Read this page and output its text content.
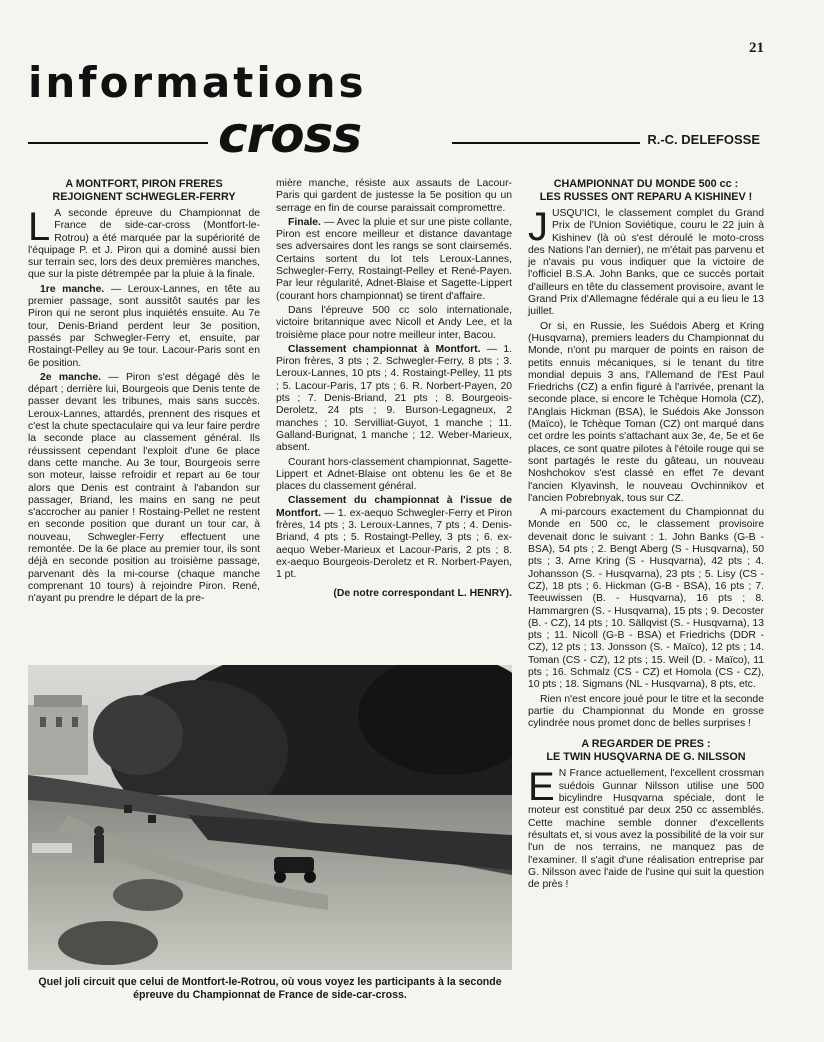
21
informations
cross	R.-C. DELEFOSSE
A MONTFORT, PIRON FRERES
REJOIGNENT SCHWEGLER-FERRY

L A seconde épreuve du Championnat de France de side-car-cross (Montfort-le-Rotrou) a été marquée par la supériorité de l'équipage P. et J. Piron qui a dominé aussi bien sur terrain sec, lors des deux premières manches, que sur la piste détrempée par la pluie à la finale.

1re manche. — Leroux-Lannes, en tête au premier passage, sont aussitôt sautés par les Piron qui ne seront plus inquiétés ensuite. Au 7e tour, Denis-Briand perdent leur 3e position, passés par Schwegler-Ferry et, ensuite, par Rostaingt-Pelley au 9e tour. Lacour-Paris sont en 6e position.

2e manche. — Piron s'est dégagé dès le départ ; derrière lui, Bourgeois que Denis tente de passer devant les tribunes, mais sans succès. Leroux-Lannes, attardés, prennent des risques et c'est la chute spectaculaire qui va leur faire perdre la seconde place au classement général. Ils réussissent cependant l'exploit d'une 6e place dans cette manche. Au 3e tour, Bourgeois serre son moteur, laisse refroidir et repart au 6e tour alors que Denis est contraint à l'abandon sur passager, Briand, les mains en sang ne peut s'accrocher au panier ! Rostaing-Pellet ne restent en seconde position que durant un tour car, à nouveau, Schwegler-Ferry effectuent une remontée. De la 6e place au premier tour, ils sont déjà en seconde position au troisième passage, parvenant dès la mi-course (chaque manche comprenant 10 tours) à rejoindre Piron. René, n'ayant pu prendre le départ de la pre-

mière manche, résiste aux assauts de Lacour-Paris qui gardent de justesse la 5e position qu un serrage en fin de course paraissait compromettre.

Finale. — Avec la pluie et sur une piste collante, Piron est encore meilleur et distance davantage ses adversaires dont les rangs se sont clairsemés. Certains sortent du lot tels Leroux-Lannes, Schwegler-Ferry, Rostaingt-Pelley et René-Payen. Par leur régularité, Adnet-Blaise et Sagette-Lippert (courant hors championnat) se tirent d'affaire.

Dans l'épreuve 500 cc solo internationale, victoire britannique avec Nicoll et Andy Lee, et la troisième place pour notre meilleur inter, Bacou.

Classement championnat à Montfort. — 1. Piron frères, 3 pts ; 2. Schwegler-Ferry, 8 pts ; 3. Leroux-Lannes, 10 pts ; 4. Rostaingt-Pelley, 11 pts ; 5. Lacour-Paris, 17 pts ; 6. R. Norbert-Payen, 20 pts ; 7. Denis-Briand, 21 pts ; 8. Bourgeois-Deroletz, 24 pts ; 9. Burson-Legagneux, 2 manches ; 10. Servilliat-Guyot, 1 manche ; 11. Galland-Burignat, 1 manche ; 12. Weber-Marieux, absent.

Courant hors-classement championnat, Sagette-Lippert et Adnet-Blaise ont obtenu les 6e et 8e places du classement général.

Classement du championnat à l'issue de Montfort. — 1. ex-aequo Schwegler-Ferry et Piron frères, 14 pts ; 3. Leroux-Lannes, 7 pts ; 4. Denis-Briand, 4 pts ; 5. Rostaingt-Pelley, 3 pts ; 6. ex-aequo Weber-Marieux et Lacour-Paris, 2 pts ; 8. ex-aequo Bourgeois-Deroletz et R. Norbert-Payen, 1 pt.

(De notre correspondant L. HENRY).
CHAMPIONNAT DU MONDE 500 cc :
LES RUSSES ONT REPARU A KISHINEV !

JUSQU'ICI, le classement complet du Grand Prix de l'Union Soviétique, couru le 22 juin à Kishinev (là où s'est déroulé le moto-cross des Nations l'an dernier), ne m'était pas parvenu et je n'avais pu vous indiquer que la victoire de l'officiel B.S.A. John Banks, que ce succès portait d'ailleurs en tête du classement provisoire, avant le Grand Prix d'Allemagne fédérale qui a eu lieu le 13 juillet.

Or si, en Russie, les Suédois Aberg et Kring (Husqvarna), premiers leaders du Championnat du Monde, n'ont pu marquer de points en raison de petits ennuis mécaniques, si le tenant du titre mondial depuis 3 ans, l'Allemand de l'Est Paul Friedrichs (CZ) a enfin figuré à l'arrivée, prenant la seconde place, si encore le Tchèque Homola (CZ), l'Anglais Hickman (BSA), le Suédois Ake Jonsson (Maïco), le Tchèque Toman (CZ) ont marqué dans cet ordre les points s'attachant aux 3e, 4e, 5e et 6e places, ce sont quatre pilotes à l'étoile rouge qui se sont partagés le reste du gâteau, un nouveau Noshchokov s'est classé en effet 7e devant l'ancien Klyavinsh, le nouveau Ovchinnikov et l'ancien Pobrebnyak, tous sur CZ.

A mi-parcours exactement du Championnat du Monde en 500 cc, le classement provisoire devenait donc le suivant : 1. John Banks (G-B - BSA), 54 pts ; 2. Bengt Aberg (S - Husqvarna), 50 pts ; 3. Arne Kring (S - Husqvarna), 42 pts ; 4. Johansson (S. - Husqvarna), 23 pts ; 5. Lisy (CS - CZ), 18 pts ; 6. Hickman (G-B - BSA), 16 pts ; 7. Teeuwissen (B. - Husqvarna), 16 pts ; 8. Hammargren (S. - Husqvarna), 15 pts ; 9. Decoster (B. - CZ), 14 pts ; 10. Sällqvist (S. - Husqvarna), 13 pts ; 11. Nicoll (G-B - BSA) et Friedrichs (DDR - CZ), 12 pts ; 13. Jonsson (S. - Maïco), 12 pts ; 14. Toman (CS - CZ), 12 pts ; 15. Weil (D. - Maïco), 11 pts ; 16. Schmalz (CS - CZ) et Homola (CS - CZ), 10 pts ; 18. Sigmans (NL - Husqvarna), 8 pts, etc.

Rien n'est encore joué pour le titre et la seconde partie du Championnat du Monde en grosse cylindrée nous promet donc de belles surprises !

A REGARDER DE PRES :
LE TWIN HUSQVARNA DE G. NILSSON

E N France actuellement, l'excellent crossman suédois Gunnar Nilsson utilise une 500 bicylindre Husqvarna spéciale, dont le moteur est constitué par deux 250 cc assemblés. Cette machine semble donner d'excellents résultats et, si vous avez la possibilité de la voir sur l'un de nos terrains, ne manquez pas de l'examiner. Il s'agit d'une réalisation entreprise par G. Nilsson avec l'aide de l'usine qui suit la question de près !

Quel joli circuit que celui de Montfort-le-Rotrou, où vous voyez les participants à la seconde épreuve du Championnat de France de side-car-cross.
